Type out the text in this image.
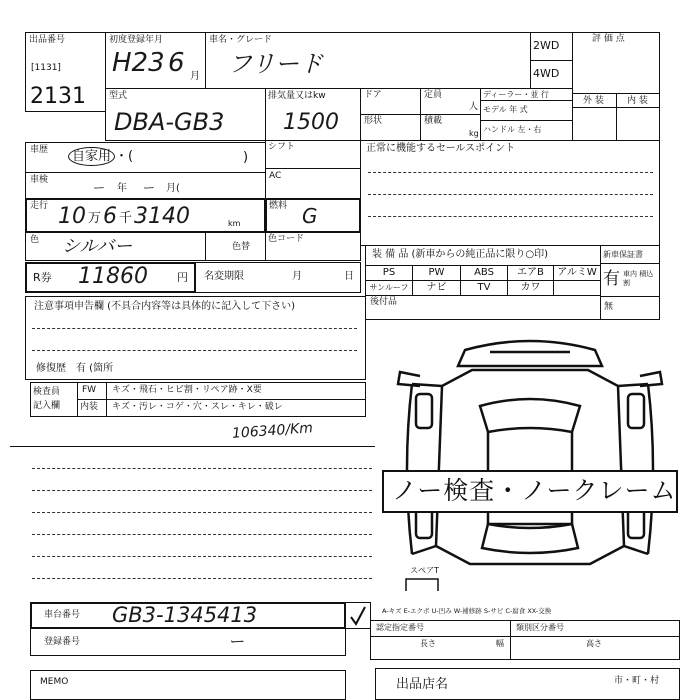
出品番号
[1131]
2131
初度登録年月
H23 6 月
車名・グレード
フリード
2WD
4WD
評 価 点
型式
DBA-GB3
排気量又はkw
1500
ドア	定員
人
形状	積載
kg
ディーラー・並 行
モデル 年 式
ハンドル 左・右
外 装	内 装
車歴	自家用 ・(	)
シフト	正常に機能するセールスポイント
車検
ー 年 ー 月(
AC
走行 10 万 6 千 3140	km
燃料 G
色 シルバー	色替
色コード
R券 11860	円 名変期限	月	日
装 備 品 (新車からの純正品に限り○印)
PS	PW	ABS	エアB	アルミW
サンルーフ	ナビ	TV	カワ
後付品
新車保証書
有 車内 積込割
無
注意事項申告欄 (不具合内容等は具体的に記入して下さい)
修復歴　有 (箇所
検査員
記入欄
FW キズ・飛石・ヒビ割・リペア跡・X要
内装 キズ・汚レ・コゲ・穴・スレ・キレ・破レ
106340/Km
ノー検査・ノークレーム
スペアT
車台番号 GB3-1345413
登録番号	ー
A-キズ E-エクボ U-凹み W-補修跡 S-サビ C-腐食 XX-交換
認定指定番号	類別区分番号
長さ	幅	高さ
MEMO	出品店名	市・町・村
